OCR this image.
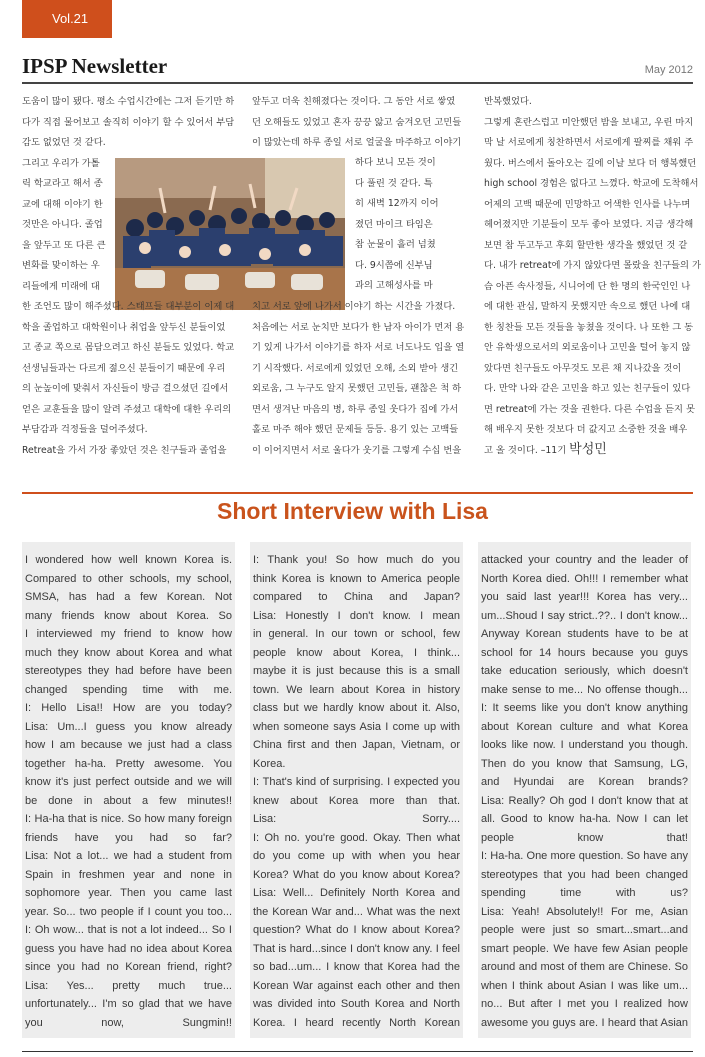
Vol.21
IPSP Newsletter	May 2012
도움이 많이 됐다. 평소 수업시간에는 그저 듣기만 하
다가 직접 물어보고 솔직히 이야기 할 수 있어서 부담
감도 없었던 것 같다.
그리고 우리가 가톨
릭 학교라고 해서 종
교에 대해 이야기 한
것만은 아니다. 졸업
을 앞두고 또 다른 큰
변화를 맞이하는 우
리들에게 미래에 대
앞두고 더욱 친해졌다는 것이다. 그 동안 서로 쌓였
던 오해들도 있었고 혼자 끙끙 앓고 숨겨오던 고민들
이 많았는데 하루 종일 서로 얼굴을 마주하고 이야기
하다 보니 모든 것이
다 풀린 것 같다. 특
히 새벽 12까지 이어
졌던 마이크 타임은
참 눈물이 흘러 넘쳤
다. 9시쯤에 신부님
과의 고해성사를 마
한 조언도 많이 해주셨다. 스태프들 대부분이 이제 대
학을 졸업하고 대학원이나 취업을 앞두신 분들이었
고 종교 쪽으로 몸담으려고 하신 분들도 있었다. 학교
선생님들과는 다르게 젊으신 분들이기 때문에 우리
의 눈높이에 맞춰서 자신들이 방금 걸으셨던 길에서
얻은 교훈들을 많이 알려 주셨고 대학에 대한 우리의
부담감과 걱정들을 덜어주셨다.
Retreat을 가서 가장 좋았던 것은 친구들과 졸업을
치고 서로 앞에 나가서 이야기 하는 시간을 가졌다.
처음에는 서로 눈치만 보다가 한 남자 아이가 먼저 용
기 있게 나가서 이야기를 하자 서로 너도나도 입을 열
기 시작했다. 서로에게 있었던 오해, 소외 받아 생긴
외로움, 그 누구도 알지 못했던 고민들, 괜찮은 척 하
면서 생겨난 마음의 병, 하루 종일 웃다가 집에 가서
홀로 마주 해야 했던 문제들 등등. 용기 있는 고백들
이 이어지면서 서로 울다가 웃기를 그렇게 수십 번을
반복했었다.
그렇게 혼란스럽고 미안했던 밤을 보내고, 우린 마지
막 날 서로에게 칭찬하면서 서로에게 팔찌를 채워 주
웠다. 버스에서 돌아오는 길에 이날 보다 더 행복했던
high school 경험은 없다고 느꼈다. 학교에 도착해서
어제의 고백 때문에 민망하고 어색한 인사를 나누며
헤어졌지만 기분들이 모두 좋아 보였다. 지금 생각해
보면 참 두고두고 후회 할만한 생각을 했었던 것 같
다. 내가 retreat에 가지 않았다면 몰랐을 친구들의 가
슴 아픈 속사정들, 시니어에 단 한 명의 한국인인 나
에 대한 관심, 말하지 못했지만 속으로 했던 나에 대
한 칭찬들 모든 것들을 놓쳤을 것이다. 나 또한 그 동
안 유학생으로서의 외로움이나 고민을 털어 놓지 않
았다면 친구들도 아무것도 모른 채 지나갔을 것이
다. 만약 나와 같은 고민을 하고 있는 친구들이 있다
면 retreat에 가는 것을 권한다. 다른 수업을 듣지 못
해 배우지 못한 것보다 더 값지고 소중한 것을 배우
고 올 것이다. –11기 박성민
Short Interview with Lisa
I wondered how well known Korea is.
Compared to other schools, my school,
SMSA, has had a few Korean. Not
many friends know about Korea. So
I interviewed my friend to know how
much they know about Korea and what
stereotypes they had before have been
changed spending time with me.
I: Hello Lisa!! How are you today?
Lisa: Um...I guess you know already
how I am because we just had a class
together ha-ha. Pretty awesome. You
know it's just perfect outside and we will
be done in about a few minutes!!
I: Ha-ha that is nice. So how many foreign
friends have you had so far?
Lisa: Not a lot... we had a student from
Spain in freshmen year and none in
sophomore year. Then you came last
year. So... two people if I count you too...
I: Oh wow... that is not a lot indeed... So I
guess you have had no idea about Korea
since you had no Korean friend, right?
Lisa: Yes... pretty much true...
unfortunately... I'm so glad that we have
you now, Sungmin!!
I: Thank you! So how much do you
think Korea is known to America people
compared to China and Japan?
Lisa: Honestly I don't know. I mean
in general. In our town or school, few
people know about Korea, I think...
maybe it is just because this is a small
town. We learn about Korea in history
class but we hardly know about it. Also,
when someone says Asia I come up with
China first and then Japan, Vietnam, or
Korea.
I: That's kind of surprising. I expected you
knew about Korea more than that.
Lisa: Sorry....
I: Oh no. you're good. Okay. Then what
do you come up with when you hear
Korea? What do you know about Korea?
Lisa: Well... Definitely North Korea and
the Korean War and... What was the next
question? What do I know about Korea?
That is hard...since I don't know any. I feel
so bad...um... I know that Korea had the
Korean War against each other and then
was divided into South Korea and North
Korea. I heard recently North Korean
attacked your country and the leader of
North Korea died. Oh!!! I remember what
you said last year!!! Korea has very...
um...Shoud I say strict..??.. I don't know...
Anyway Korean students have to be at
school for 14 hours because you guys
take education seriously, which doesn't
make sense to me... No offense though...
I: It seems like you don't know anything
about Korean culture and what Korea
looks like now. I understand you though.
Then do you know that Samsung, LG,
and Hyundai are Korean brands?
Lisa: Really? Oh god I don't know that at
all. Good to know ha-ha. Now I can let
people know that!
I: Ha-ha. One more question. So have any
stereotypes that you had been changed
spending time with us?
Lisa: Yeah! Absolutely!! For me, Asian
people were just so smart...smart...and
smart people. We have few Asian people
around and most of them are Chinese. So
when I think about Asian I was like um...
no... But after I met you I realized how
awesome you guys are. I heard that Asian
